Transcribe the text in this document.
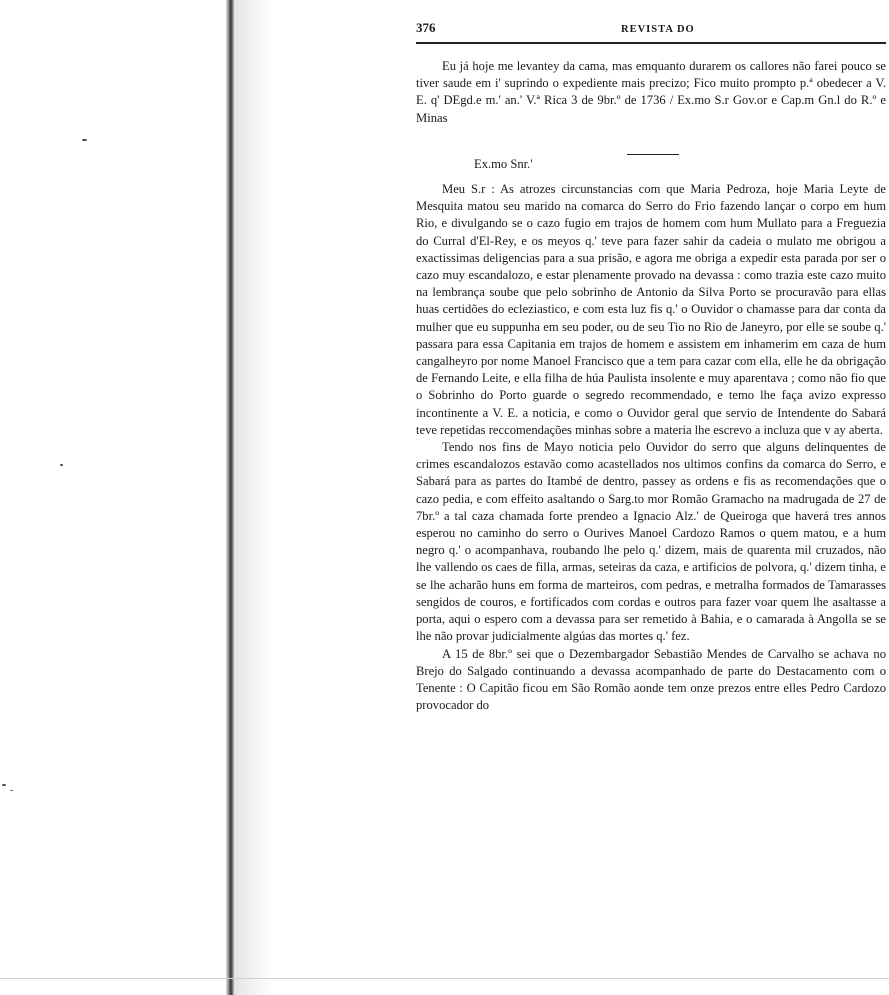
376	REVISTA DO

Eu já hoje me levantey da cama, mas emquanto durarem os callores não farei pouco se tiver saude em i' suprindo o expediente mais precizo; Fico muito prompto p.ª obedecer a V. E. q' DEgd.e m.' an.' V.ª Rica 3 de 9br.º de 1736 / Ex.mo S.r Gov.or e Cap.m Gn.l do R.º e Minas

Ex.mo Snr.'

Meu S.r : As atrozes circunstancias com que Maria Pedroza, hoje Maria Leyte de Mesquita matou seu marido na comarca do Serro do Frio fazendo lançar o corpo em hum Rio, e divulgando se o cazo fugio em trajos de homem com hum Mullato para a Freguezia do Curral d'El-Rey, e os meyos q.' teve para fazer sahir da cadeia o mulato me obrigou a exactissimas deligencias para a sua prisão, e agora me obriga a expedir esta parada por ser o cazo muy escandalozo, e estar plenamente provado na devassa : como trazia este cazo muito na lembrança soube que pelo sobrinho de Antonio da Silva Porto se procuravão para ellas huas certidões do ecleziastico, e com esta luz fis q.' o Ouvidor o chamasse para dar conta da mulher que eu suppunha em seu poder, ou de seu Tio no Rio de Janeyro, por elle se soube q.' passara para essa Capitania em trajos de homem e assistem em inhamerim em caza de hum cangalheyro por nome Manoel Francisco que a tem para cazar com ella, elle he da obrigação de Fernando Leite, e ella filha de húa Paulista insolente e muy aparentava ; como não fio que o Sobrinho do Porto guarde o segredo recommendado, e temo lhe faça avizo expresso incontinente a V. E. a noticia, e como o Ouvidor geral que servio de Intendente do Sabará teve repetidas reccomendações minhas sobre a materia lhe escrevo a incluza que v ay aberta.

Tendo nos fins de Mayo noticia pelo Ouvidor do serro que alguns delinquentes de crimes escandalozos estavão como acastellados nos ultimos confins da comarca do Serro, e Sabará para as partes do Itambé de dentro, passey as ordens e fis as recomendações que o cazo pedia, e com effeito asaltando o Sarg.to mor Romão Gramacho na madrugada de 27 de 7br.º a tal caza chamada forte prendeo a Ignacio Alz.' de Queiroga que haverá tres annos esperou no caminho do serro o Ourives Manoel Cardozo Ramos o quem matou, e a hum negro q.' o acompanhava, roubando lhe pelo q.' dizem, mais de quarenta mil cruzados, não lhe vallendo os caes de filla, armas, seteiras da caza, e artificios de polvora, q.' dizem tinha, e se lhe acharão huns em forma de marteiros, com pedras, e metralha formados de Tamarasses sengidos de couros, e fortificados com cordas e outros para fazer voar quem lhe asaltasse a porta, aqui o espero com a devassa para ser remetido à Bahia, e o camarada à Angolla se se lhe não provar judicialmente algúas das mortes q.' fez.

A 15 de 8br.º sei que o Dezembargador Sebastião Mendes de Carvalho se achava no Brejo do Salgado continuando a devassa acompanhado de parte do Destacamento com o Tenente : O Capitão ficou em São Romão aonde tem onze prezos entre elles Pedro Cardozo provocador do
